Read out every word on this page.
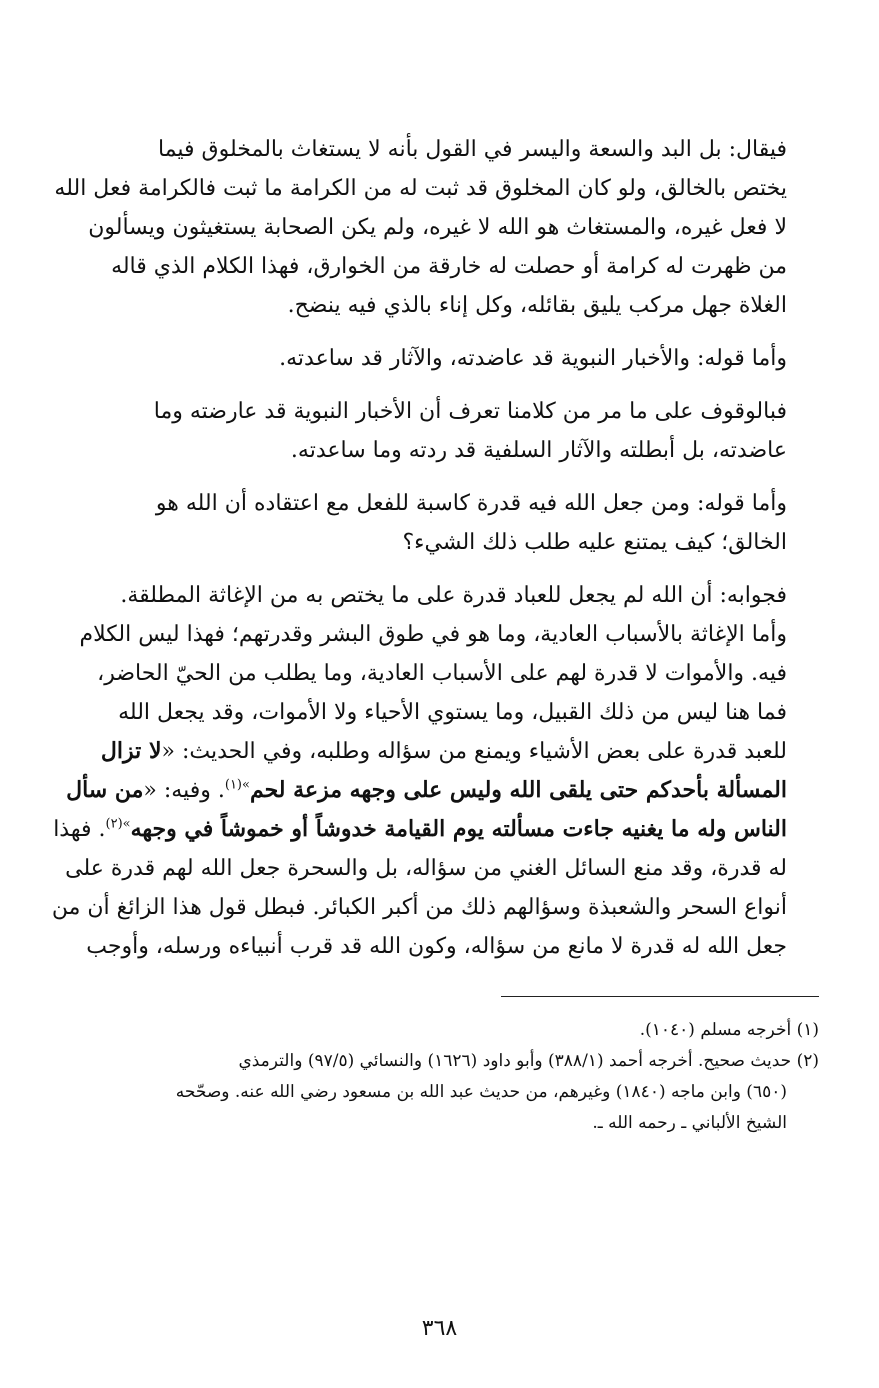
فيقال: بل البد والسعة واليسر في القول بأنه لا يستغاث بالمخلوق فيما
يختص بالخالق، ولو كان المخلوق قد ثبت له من الكرامة ما ثبت فالكرامة فعل الله
لا فعل غيره، والمستغاث هو الله لا غيره، ولم يكن الصحابة يستغيثون ويسألون
من ظهرت له كرامة أو حصلت له خارقة من الخوارق، فهذا الكلام الذي قاله
الغلاة جهل مركب يليق بقائله، وكل إناء بالذي فيه ينضح.

وأما قوله: والأخبار النبوية قد عاضدته، والآثار قد ساعدته.

فبالوقوف على ما مر من كلامنا تعرف أن الأخبار النبوية قد عارضته وما
عاضدته، بل أبطلته والآثار السلفية قد ردته وما ساعدته.

وأما قوله: ومن جعل الله فيه قدرة كاسبة للفعل مع اعتقاده أن الله هو
الخالق؛ كيف يمتنع عليه طلب ذلك الشيء؟

فجوابه: أن الله لم يجعل للعباد قدرة على ما يختص به من الإغاثة المطلقة.
وأما الإغاثة بالأسباب العادية، وما هو في طوق البشر وقدرتهم؛ فهذا ليس الكلام
فيه. والأموات لا قدرة لهم على الأسباب العادية، وما يطلب من الحيّ الحاضر،
فما هنا ليس من ذلك القبيل، وما يستوي الأحياء ولا الأموات، وقد يجعل الله
للعبد قدرة على بعض الأشياء ويمنع من سؤاله وطلبه، وفي الحديث: «لا تزال
المسألة بأحدكم حتى يلقى الله وليس على وجهه مزعة لحم$^{»(١)}$. وفيه: «من سأل
الناس وله ما يغنيه جاءت مسألته يوم القيامة خدوشاً أو خموشاً في وجهه$^{»(٢)}$. فهذا
له قدرة، وقد منع السائل الغني من سؤاله، بل والسحرة جعل الله لهم قدرة على
أنواع السحر والشعبذة وسؤالهم ذلك من أكبر الكبائر. فبطل قول هذا الزائغ أن من
جعل الله له قدرة لا مانع من سؤاله، وكون الله قد قرب أنبياءه ورسله، وأوجب

(١) أخرجه مسلم (١٠٤٠).

(٢) حديث صحيح. أخرجه أحمد (٣٨٨/١) وأبو داود (١٦٢٦) والنسائي (٩٧/٥) والترمذي
(٦٥٠) وابن ماجه (١٨٤٠) وغيرهم، من حديث عبد الله بن مسعود رضي الله عنه. وصحّحه
الشيخ الألباني ـ رحمه الله ـ.

٣٦٨
